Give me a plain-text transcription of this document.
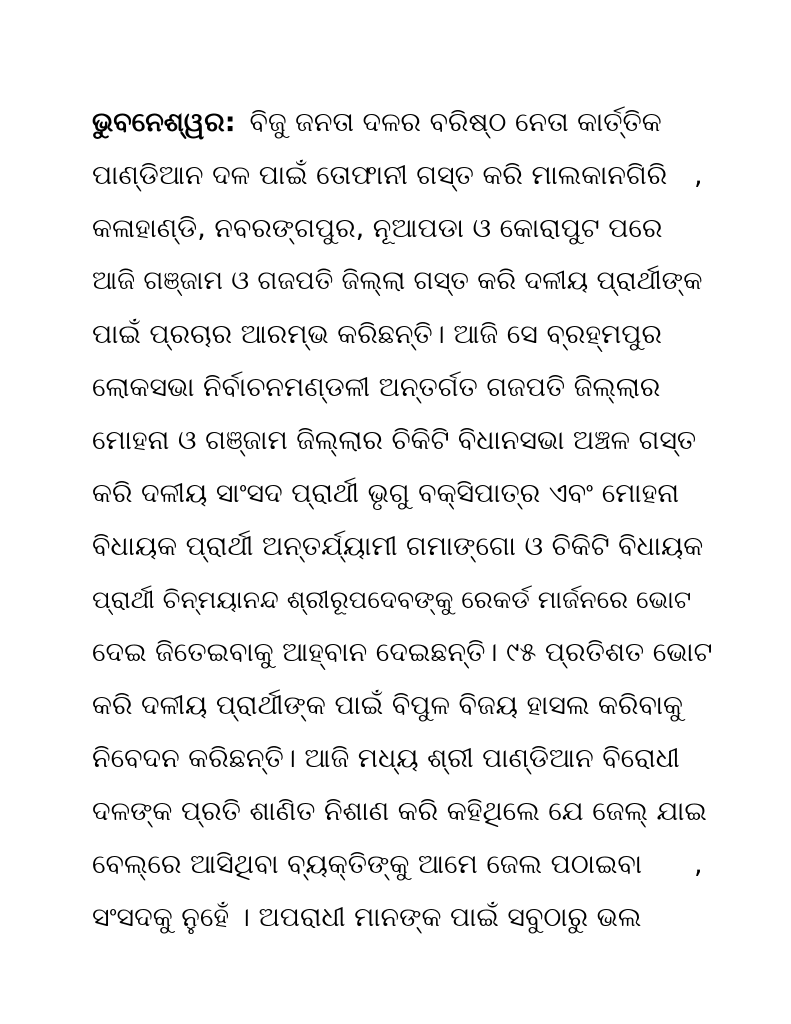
ଭୁବନେଶ୍ୱର: ବିଜୁ ଜନତା ଦଳର ବରିଷ୍ଠ ନେତା କାର୍ତ୍ତିକ
ପାଣ୍ଡିଆନ ଦଳ ପାଇଁ ତୋଫାନୀ ଗସ୍ତ କରି ମାଲକାନଗିରି ,
କଳାହାଣ୍ଡି, ନବରଙ୍ଗପୁର, ନୂଆପଡା ଓ କୋରାପୁଟ ପରେ
ଆଜି ଗଞ୍ଜାମ ଓ ଗଜପତି ଜିଲ୍ଲା ଗସ୍ତ କରି ଦଳୀୟ ପ୍ରାର୍ଥୀଙ୍କ
ପାଇଁ ପ୍ରଚାର ଆରମ୍ଭ କରିଛନ୍ତି। ଆଜି ସେ ବ୍ରହ୍ମପୁର
ଲୋକସଭା ନିର୍ବାଚନମଣ୍ଡଳୀ ଅନ୍ତର୍ଗତ ଗଜପତି ଜିଲ୍ଲାର
ମୋହନା ଓ ଗଞ୍ଜାମ ଜିଲ୍ଲାର ଚିକିଟି ବିଧାନସଭା ଅଞ୍ଚଳ ଗସ୍ତ
କରି ଦଳୀୟ ସାଂସଦ ପ୍ରାର୍ଥୀ ଭୃଗୁ ବକ୍ସିପାତ୍ର ଏବଂ ମୋହନା
ବିଧାୟକ ପ୍ରାର୍ଥୀ ଅନ୍ତର୍ଯ୍ୟାମୀ ଗମାଙ୍ଗୋ ଓ ଚିକିଟି ବିଧାୟକ
ପ୍ରାର୍ଥୀ ଚିନ୍ମୟାନନ୍ଦ ଶ୍ରୀରୂପଦେବଙ୍କୁ ରେକର୍ଡ ମାର୍ଜନରେ ଭୋଟ
ଦେଇ ଜିତେଇବାକୁ ଆହ୍ବାନ ଦେଇଛନ୍ତି। ୯୫ ପ୍ରତିଶତ ଭୋଟ
କରି ଦଳୀୟ ପ୍ରାର୍ଥୀଙ୍କ ପାଇଁ ବିପୁଳ ବିଜୟ ହାସଲ କରିବାକୁ
ନିବେଦନ କରିଛନ୍ତି। ଆଜି ମଧ୍ୟ ଶ୍ରୀ ପାଣ୍ଡିଆନ ବିରୋଧୀ
ଦଳଙ୍କ ପ୍ରତି ଶାଣିତ ନିଶାଣ କରି କହିଥିଲେ ଯେ ଜେଲ୍ ଯାଇ
ବେଲ୍‌ରେ ଆସିଥିବା ବ୍ୟକ୍ତିଙ୍କୁ ଆମେ ଜେଲ ପଠାଇବା ,
ସଂସଦକୁ ନୁହେଁ । ଅପରାଧୀ ମାନଙ୍କ ପାଇଁ ସବୁଠାରୁ ଭଲ
